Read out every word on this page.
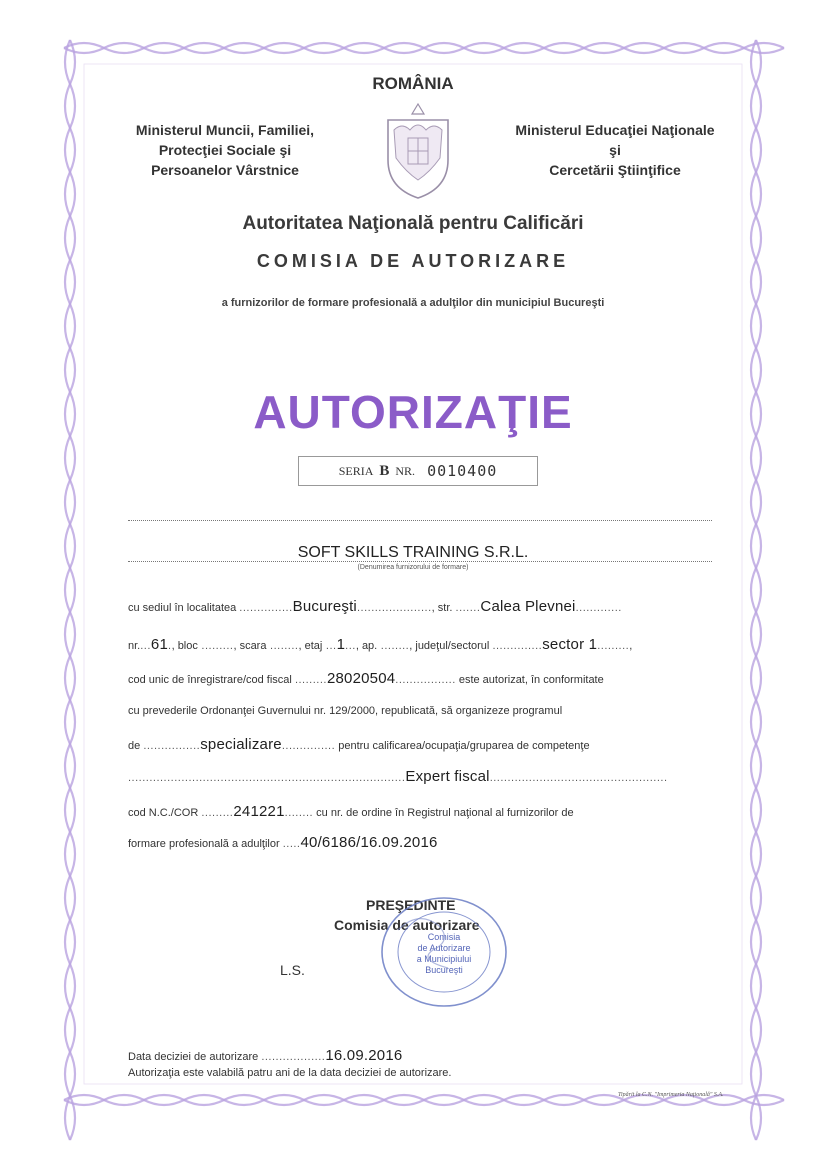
ROMÂNIA
Ministerul Muncii, Familiei,
Protecţiei Sociale şi
Persoanelor Vârstnice
Ministerul Educaţiei Naţionale
şi
Cercetării Ştiinţifice
Autoritatea Naţională pentru Calificări
COMISIA DE AUTORIZARE
a furnizorilor de formare profesională a adulţilor din municipiul Bucureşti
AUTORIZAŢIE
SERIA B NR. 0010400
SOFT SKILLS TRAINING S.R.L.
(Denumirea furnizorului de formare)
cu sediul în localitatea ...............Bucureşti....................., str. .......Calea Plevnei.............
nr....61., bloc ........., scara ........, etaj ...1..., ap. ........, judeţul/sectorul ..............sector 1.........,
cod unic de înregistrare/cod fiscal .........28020504................. este autorizat, în conformitate
cu prevederile Ordonanţei Guvernului nr. 129/2000, republicată, să organizeze programul
de ................specializare............... pentru calificarea/ocupaţia/gruparea de competenţe
..............................................................................Expert fiscal..................................................
cod N.C./COR .........241221........ cu nr. de ordine în Registrul naţional al furnizorilor de
formare profesională a adulţilor .....40/6186/16.09.2016
PREŞEDINTE
Comisia de autorizare
L.S.
Comisia
de Autorizare
a Municipiului
Bucureşti
Data deciziei de autorizare ..................16.09.2016
Autorizaţia este valabilă patru ani de la data deciziei de autorizare.
Tipărit la C.N. "Imprimeria Naţională" S.A.
